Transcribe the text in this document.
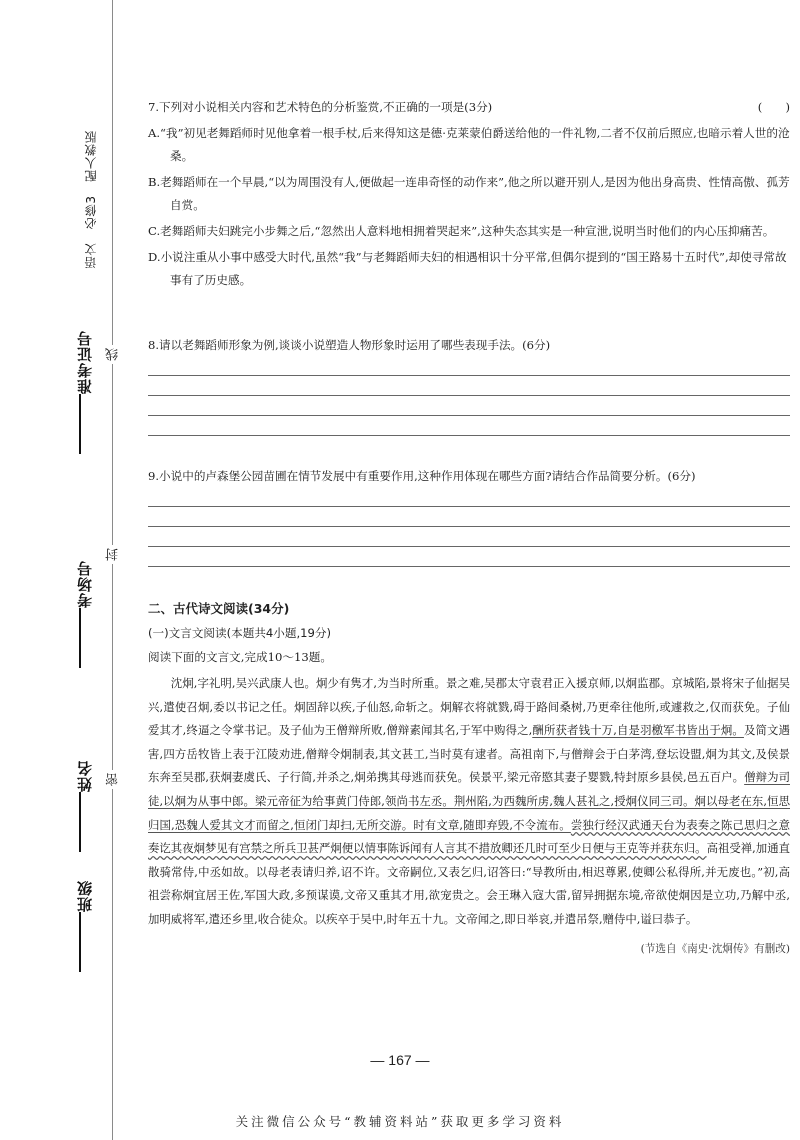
语文　必修3　配人教版
准考证号
考场号
姓名
班级
线
封
密

7.下列对小说相关内容和艺术特色的分析鉴赏,不正确的一项是(3分)	(　　)

A.“我”初见老舞蹈师时见他拿着一根手杖,后来得知这是德·克莱蒙伯爵送给他的一件礼物,二者不仅前后照应,也暗示着人世的沧桑。

B.老舞蹈师在一个早晨,“以为周围没有人,便做起一连串奇怪的动作来”,他之所以避开别人,是因为他出身高贵、性情高傲、孤芳自赏。

C.老舞蹈师夫妇跳完小步舞之后,“忽然出人意料地相拥着哭起来”,这种失态其实是一种宣泄,说明当时他们的内心压抑痛苦。

D.小说注重从小事中感受大时代,虽然“我”与老舞蹈师夫妇的相遇相识十分平常,但偶尔提到的“国王路易十五时代”,却使寻常故事有了历史感。

8.请以老舞蹈师形象为例,谈谈小说塑造人物形象时运用了哪些表现手法。(6分)

9.小说中的卢森堡公园苗圃在情节发展中有重要作用,这种作用体现在哪些方面?请结合作品简要分析。(6分)

二、古代诗文阅读(34分)

(一)文言文阅读(本题共4小题,19分)

阅读下面的文言文,完成10～13题。

沈炯,字礼明,吴兴武康人也。炯少有隽才,为当时所重。景之难,吴郡太守袁君正入援京师,以炯监郡。京城陷,景将宋子仙据吴兴,遣使召炯,委以书记之任。炯固辞以疾,子仙怒,命斩之。炯解衣将就戮,碍于路间桑树,乃更牵往他所,或遽救之,仅而获免。子仙爱其才,终逼之令掌书记。及子仙为王僧辩所败,僧辩素闻其名,于军中购得之,酬所获者钱十万,自是羽檄军书皆出于炯。及简文遇害,四方岳牧皆上表于江陵劝进,僧辩令炯制表,其文甚工,当时莫有逮者。高祖南下,与僧辩会于白茅湾,登坛设盟,炯为其文,及侯景东奔至吴郡,获炯妻虞氏、子行简,并杀之,炯弟携其母逃而获免。侯景平,梁元帝愍其妻子婴戮,特封原乡县侯,邑五百户。僧辩为司徒,以炯为从事中郎。梁元帝征为给事黄门侍郎,领尚书左丞。荆州陷,为西魏所虏,魏人甚礼之,授炯仪同三司。炯以母老在东,恒思归国,恐魏人爱其文才而留之,恒闭门却扫,无所交游。时有文章,随即弃毁,不令流布。尝独行经汉武通天台为表奏之陈己思归之意奏讫其夜炯梦见有宫禁之所兵卫甚严炯便以情事陈诉闻有人言其不措放卿还几时可至少日便与王克等并获东归。高祖受禅,加通直散骑常侍,中丞如故。以母老表请归养,诏不许。文帝嗣位,又表乞归,诏答曰:“导教所由,相迟尊累,使卿公私得所,并无废也。”初,高祖尝称炯宜居王佐,军国大政,多预谋谟,文帝又重其才用,欲宠贵之。会王琳入寇大雷,留异拥据东境,帝欲使炯因是立功,乃解中丞,加明威将军,遣还乡里,收合徒众。以疾卒于吴中,时年五十九。文帝闻之,即日举哀,并遣吊祭,赠侍中,谥曰恭子。

(节选自《南史·沈炯传》有删改)

— 167 —
关注微信公众号“教辅资料站”获取更多学习资料
